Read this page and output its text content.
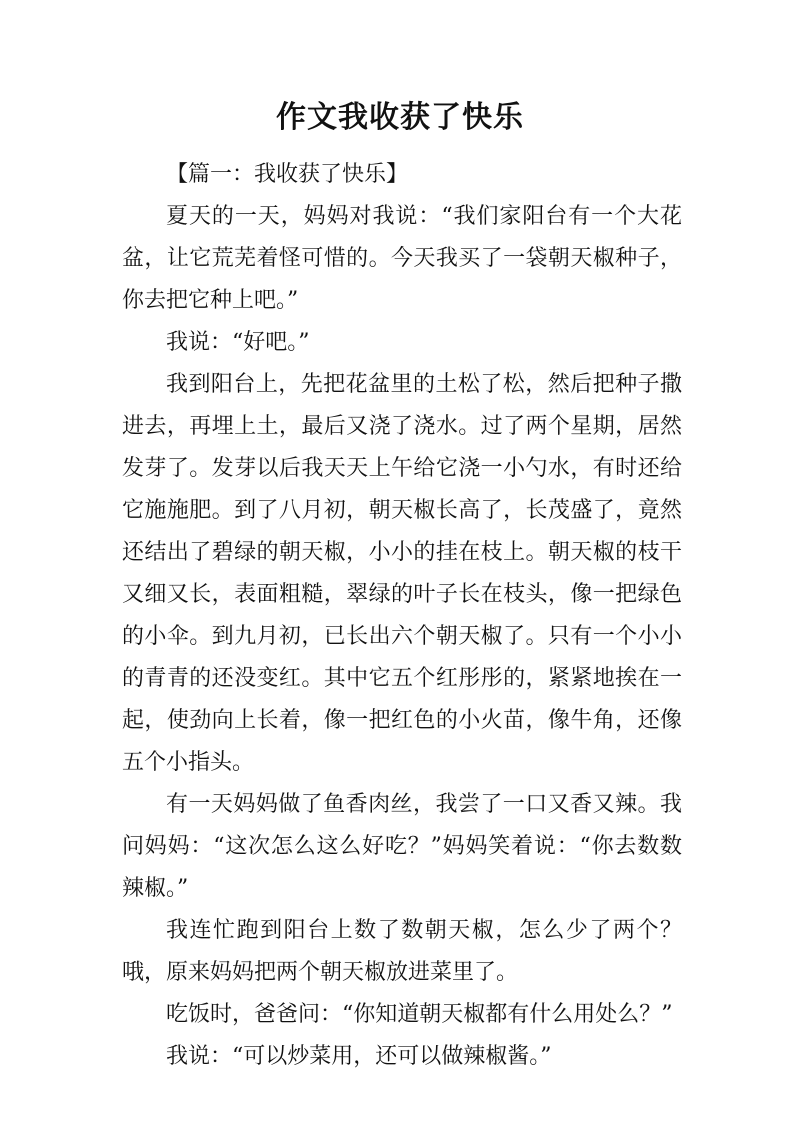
作文我收获了快乐

【篇一：我收获了快乐】

夏天的一天，妈妈对我说：“我们家阳台有一个大花盆，让它荒芜着怪可惜的。今天我买了一袋朝天椒种子，你去把它种上吧。”

我说：“好吧。”

我到阳台上，先把花盆里的土松了松，然后把种子撒进去，再埋上土，最后又浇了浇水。过了两个星期，居然发芽了。发芽以后我天天上午给它浇一小勺水，有时还给它施施肥。到了八月初，朝天椒长高了，长茂盛了，竟然还结出了碧绿的朝天椒，小小的挂在枝上。朝天椒的枝干又细又长，表面粗糙，翠绿的叶子长在枝头，像一把绿色的小伞。到九月初，已长出六个朝天椒了。只有一个小小的青青的还没变红。其中它五个红彤彤的，紧紧地挨在一起，使劲向上长着，像一把红色的小火苗，像牛角，还像五个小指头。

有一天妈妈做了鱼香肉丝，我尝了一口又香又辣。我问妈妈：“这次怎么这么好吃？”妈妈笑着说：“你去数数辣椒。”

我连忙跑到阳台上数了数朝天椒，怎么少了两个？哦，原来妈妈把两个朝天椒放进菜里了。

吃饭时，爸爸问：“你知道朝天椒都有什么用处么？”

我说：“可以炒菜用，还可以做辣椒酱。”
